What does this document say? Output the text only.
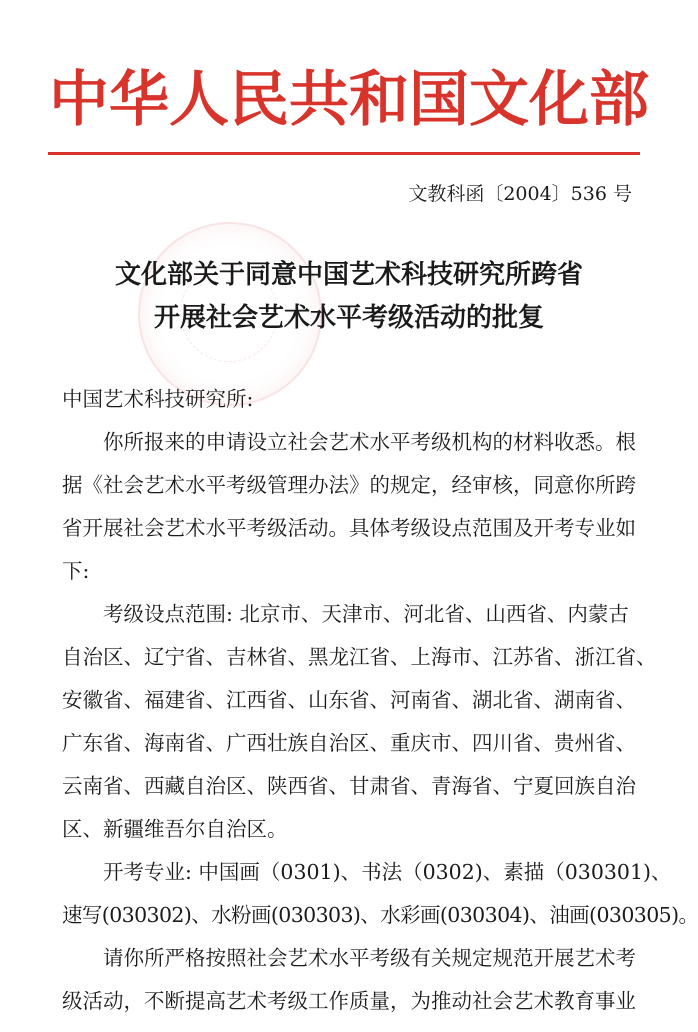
中华人民共和国文化部
文教科函〔2004〕536 号
文化部关于同意中国艺术科技研究所跨省
开展社会艺术水平考级活动的批复

中国艺术科技研究所:

你所报来的申请设立社会艺术水平考级机构的材料收悉。根

据《社会艺术水平考级管理办法》的规定，经审核，同意你所跨

省开展社会艺术水平考级活动。具体考级设点范围及开考专业如

下:

考级设点范围: 北京市、天津市、河北省、山西省、内蒙古

自治区、辽宁省、吉林省、黑龙江省、上海市、江苏省、浙江省、

安徽省、福建省、江西省、山东省、河南省、湖北省、湖南省、

广东省、海南省、广西壮族自治区、重庆市、四川省、贵州省、

云南省、西藏自治区、陕西省、甘肃省、青海省、宁夏回族自治

区、新疆维吾尔自治区。

开考专业: 中国画（0301)、书法（0302)、素描（030301)、

速写(030302)、水粉画(030303)、水彩画(030304)、油画(030305)。

请你所严格按照社会艺术水平考级有关规定规范开展艺术考

级活动，不断提高艺术考级工作质量，为推动社会艺术教育事业
